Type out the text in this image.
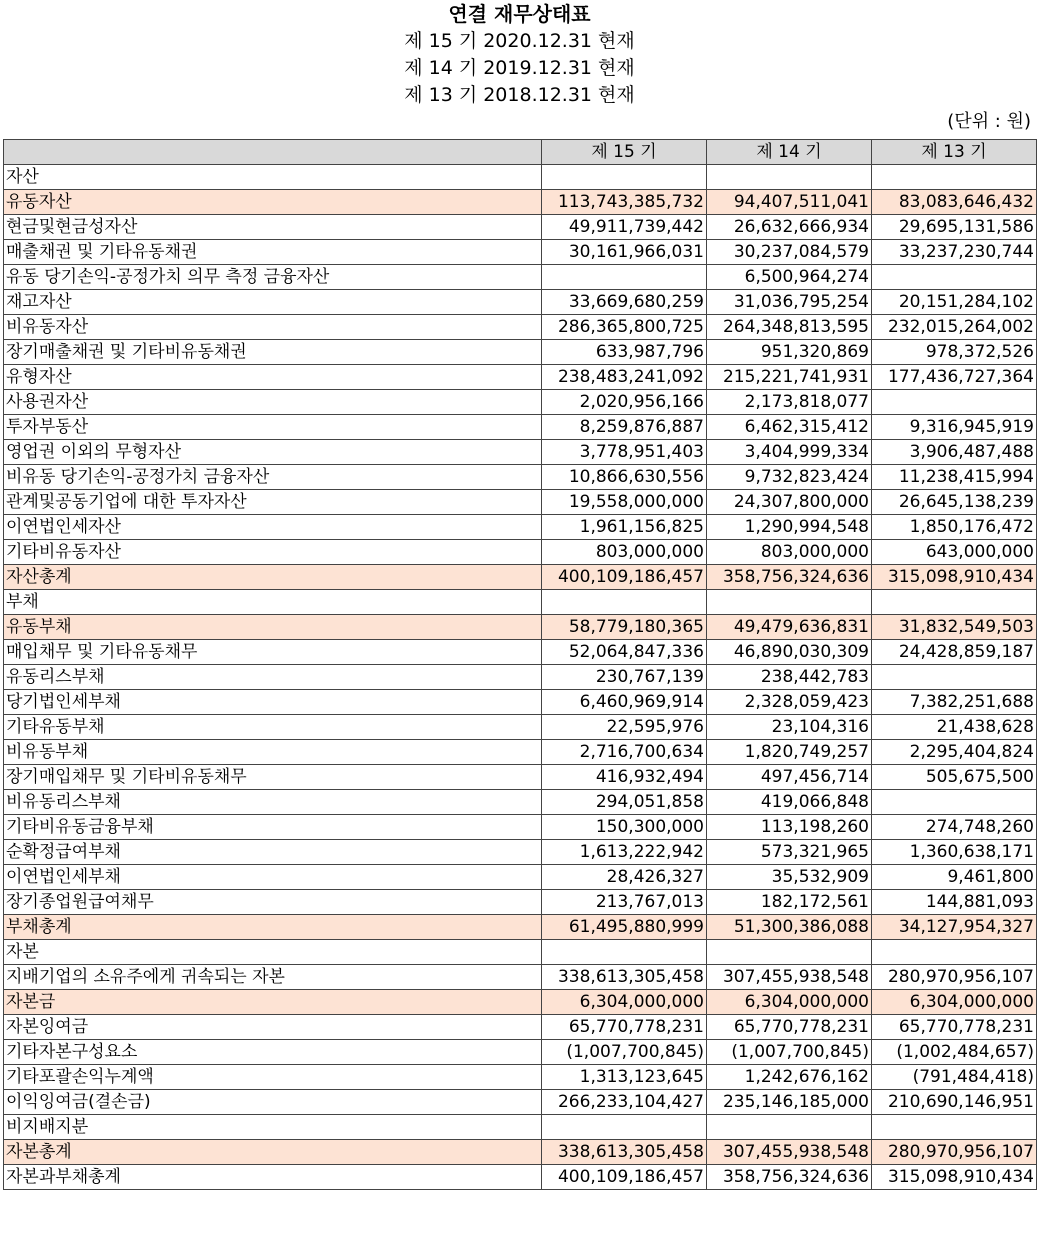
연결 재무상태표
제 15 기 2020.12.31 현재
제 14 기 2019.12.31 현재
제 13 기 2018.12.31 현재
(단위 : 원)
	제 15 기	제 14 기	제 13 기
자산			
유동자산	113,743,385,732	94,407,511,041	83,083,646,432
현금및현금성자산	49,911,739,442	26,632,666,934	29,695,131,586
매출채권 및 기타유동채권	30,161,966,031	30,237,084,579	33,237,230,744
유동 당기손익-공정가치 의무 측정 금융자산		6,500,964,274	
재고자산	33,669,680,259	31,036,795,254	20,151,284,102
비유동자산	286,365,800,725	264,348,813,595	232,015,264,002
장기매출채권 및 기타비유동채권	633,987,796	951,320,869	978,372,526
유형자산	238,483,241,092	215,221,741,931	177,436,727,364
사용권자산	2,020,956,166	2,173,818,077	
투자부동산	8,259,876,887	6,462,315,412	9,316,945,919
영업권 이외의 무형자산	3,778,951,403	3,404,999,334	3,906,487,488
비유동 당기손익-공정가치 금융자산	10,866,630,556	9,732,823,424	11,238,415,994
관계및공동기업에 대한 투자자산	19,558,000,000	24,307,800,000	26,645,138,239
이연법인세자산	1,961,156,825	1,290,994,548	1,850,176,472
기타비유동자산	803,000,000	803,000,000	643,000,000
자산총계	400,109,186,457	358,756,324,636	315,098,910,434
부채			
유동부채	58,779,180,365	49,479,636,831	31,832,549,503
매입채무 및 기타유동채무	52,064,847,336	46,890,030,309	24,428,859,187
유동리스부채	230,767,139	238,442,783	
당기법인세부채	6,460,969,914	2,328,059,423	7,382,251,688
기타유동부채	22,595,976	23,104,316	21,438,628
비유동부채	2,716,700,634	1,820,749,257	2,295,404,824
장기매입채무 및 기타비유동채무	416,932,494	497,456,714	505,675,500
비유동리스부채	294,051,858	419,066,848	
기타비유동금융부채	150,300,000	113,198,260	274,748,260
순확정급여부채	1,613,222,942	573,321,965	1,360,638,171
이연법인세부채	28,426,327	35,532,909	9,461,800
장기종업원급여채무	213,767,013	182,172,561	144,881,093
부채총계	61,495,880,999	51,300,386,088	34,127,954,327
자본			
지배기업의 소유주에게 귀속되는 자본	338,613,305,458	307,455,938,548	280,970,956,107
자본금	6,304,000,000	6,304,000,000	6,304,000,000
자본잉여금	65,770,778,231	65,770,778,231	65,770,778,231
기타자본구성요소	(1,007,700,845)	(1,007,700,845)	(1,002,484,657)
기타포괄손익누계액	1,313,123,645	1,242,676,162	(791,484,418)
이익잉여금(결손금)	266,233,104,427	235,146,185,000	210,690,146,951
비지배지분			
자본총계	338,613,305,458	307,455,938,548	280,970,956,107
자본과부채총계	400,109,186,457	358,756,324,636	315,098,910,434
